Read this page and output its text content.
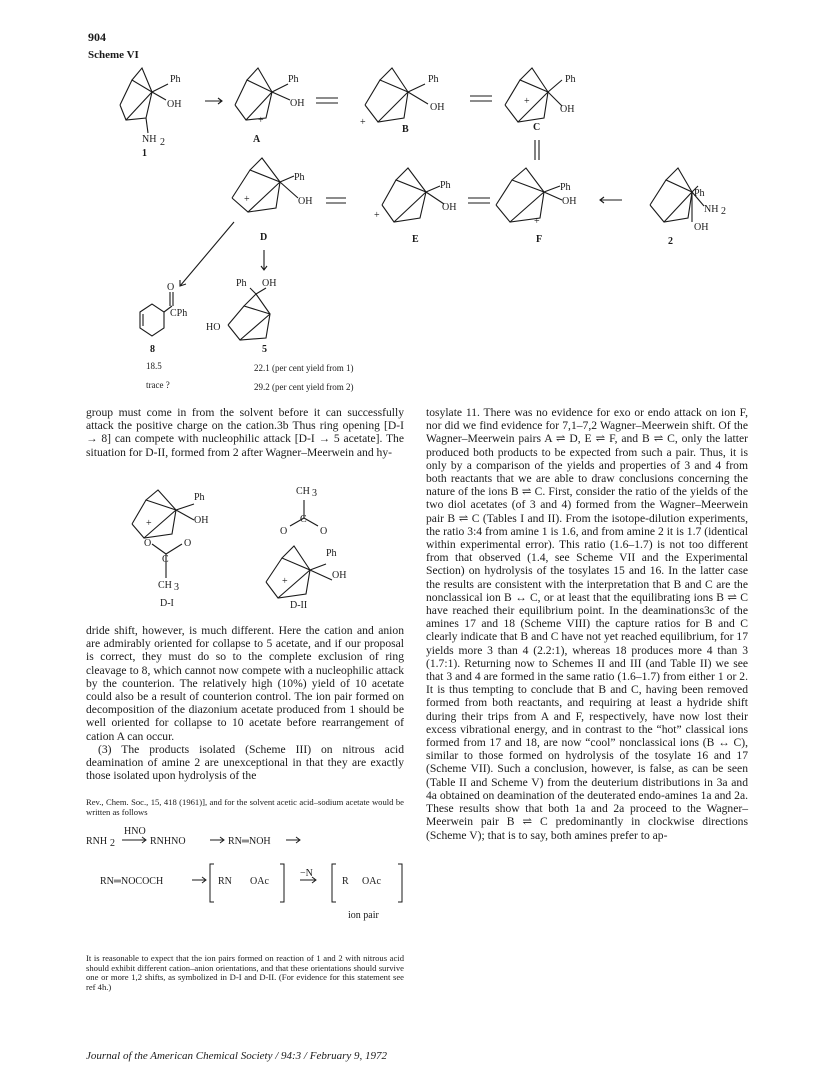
904
Scheme VI
Ph
OH
NH 2
1
Ph
OH
+
A
Ph
OH
+
B
Ph
OH
+
C
Ph
OH
+
D
Ph
OH
+
E
Ph
OH
+
F
Ph
NH 2
OH
2
O
CPh
8
Ph OH
HO
5
18.5
trace ?
22.1 (per cent yield from 1)
29.2 (per cent yield from 2)

group must come in from the solvent before it can successfully attack the positive charge on the cation.3b Thus ring opening [D-I → 8] can compete with nucleophilic attack [D-I → 5 acetate]. The situation for D-II, formed from 2 after Wagner–Meerwein and hy-

Ph
OH
+
O	O
C
CH 3
D-I
CH 3
C
O	O
Ph
OH
+
D-II

dride shift, however, is much different. Here the cation and anion are admirably oriented for collapse to 5 acetate, and if our proposal is correct, they must do so to the complete exclusion of ring cleavage to 8, which cannot now compete with a nucleophilic attack by the counterion. The relatively high (10%) yield of 10 acetate could also be a result of counterion control. The ion pair formed on decomposition of the diazonium acetate produced from 1 should be well oriented for collapse to 10 acetate before rearrangement of cation A can occur.

(3) The products isolated (Scheme III) on nitrous acid deamination of amine 2 are unexceptional in that they are exactly those isolated upon hydrolysis of the

Rev., Chem. Soc., 15, 418 (1961)], and for the solvent acetic acid–sodium acetate would be written as follows

RNH 2
HNO
RNHNO	RN═NOH
RN═NOCOCH	RN OAc
−N
R OAc
ion pair

It is reasonable to expect that the ion pairs formed on reaction of 1 and 2 with nitrous acid should exhibit different cation–anion orientations, and that these orientations should survive one or more 1,2 shifts, as symbolized in D-I and D-II. (For evidence for this statement see ref 4h.)

tosylate 11. There was no evidence for exo or endo attack on ion F, nor did we find evidence for 7,1–7,2 Wagner–Meerwein shift. Of the Wagner–Meerwein pairs A ⇌ D, E ⇌ F, and B ⇌ C, only the latter produced both products to be expected from such a pair. Thus, it is only by a comparison of the yields and properties of 3 and 4 from both reactants that we are able to draw conclusions concerning the nature of the ions B ⇌ C. First, consider the ratio of the yields of the two diol acetates (of 3 and 4) formed from the Wagner–Meerwein pair B ⇌ C (Tables I and II). From the isotope-dilution experiments, the ratio 3:4 from amine 1 is 1.6, and from amine 2 it is 1.7 (identical within experimental error). This ratio (1.6–1.7) is not too different from that observed (1.4, see Scheme VII and the Experimental Section) on hydrolysis of the tosylates 15 and 16. In the latter case the results are consistent with the interpretation that B and C are the nonclassical ion B ↔ C, or at least that the equilibrating ions B ⇌ C have reached their equilibrium point. In the deaminations3c of the amines 17 and 18 (Scheme VIII) the capture ratios for B and C clearly indicate that B and C have not yet reached equilibrium, for 17 yields more 3 than 4 (2.2:1), whereas 18 produces more 4 than 3 (1.7:1). Returning now to Schemes II and III (and Table II) we see that 3 and 4 are formed in the same ratio (1.6–1.7) from either 1 or 2. It is thus tempting to conclude that B and C, having been removed formed from both reactants, and requiring at least a hydride shift during their trips from A and F, respectively, have now lost their excess vibrational energy, and in contrast to the “hot” classical ions formed from 17 and 18, are now “cool” nonclassical ions (B ↔ C), similar to those formed on hydrolysis of the tosylate 16 and 17 (Scheme VII). Such a conclusion, however, is false, as can be seen (Table II and Scheme V) from the deuterium distributions in 3a and 4a obtained on deamination of the deuterated endo-amines 1a and 2a. These results show that both 1a and 2a proceed to the Wagner–Meerwein pair B ⇌ C predominantly in clockwise directions (Scheme V); that is to say, both amines prefer to ap-

Journal of the American Chemical Society / 94:3 / February 9, 1972
